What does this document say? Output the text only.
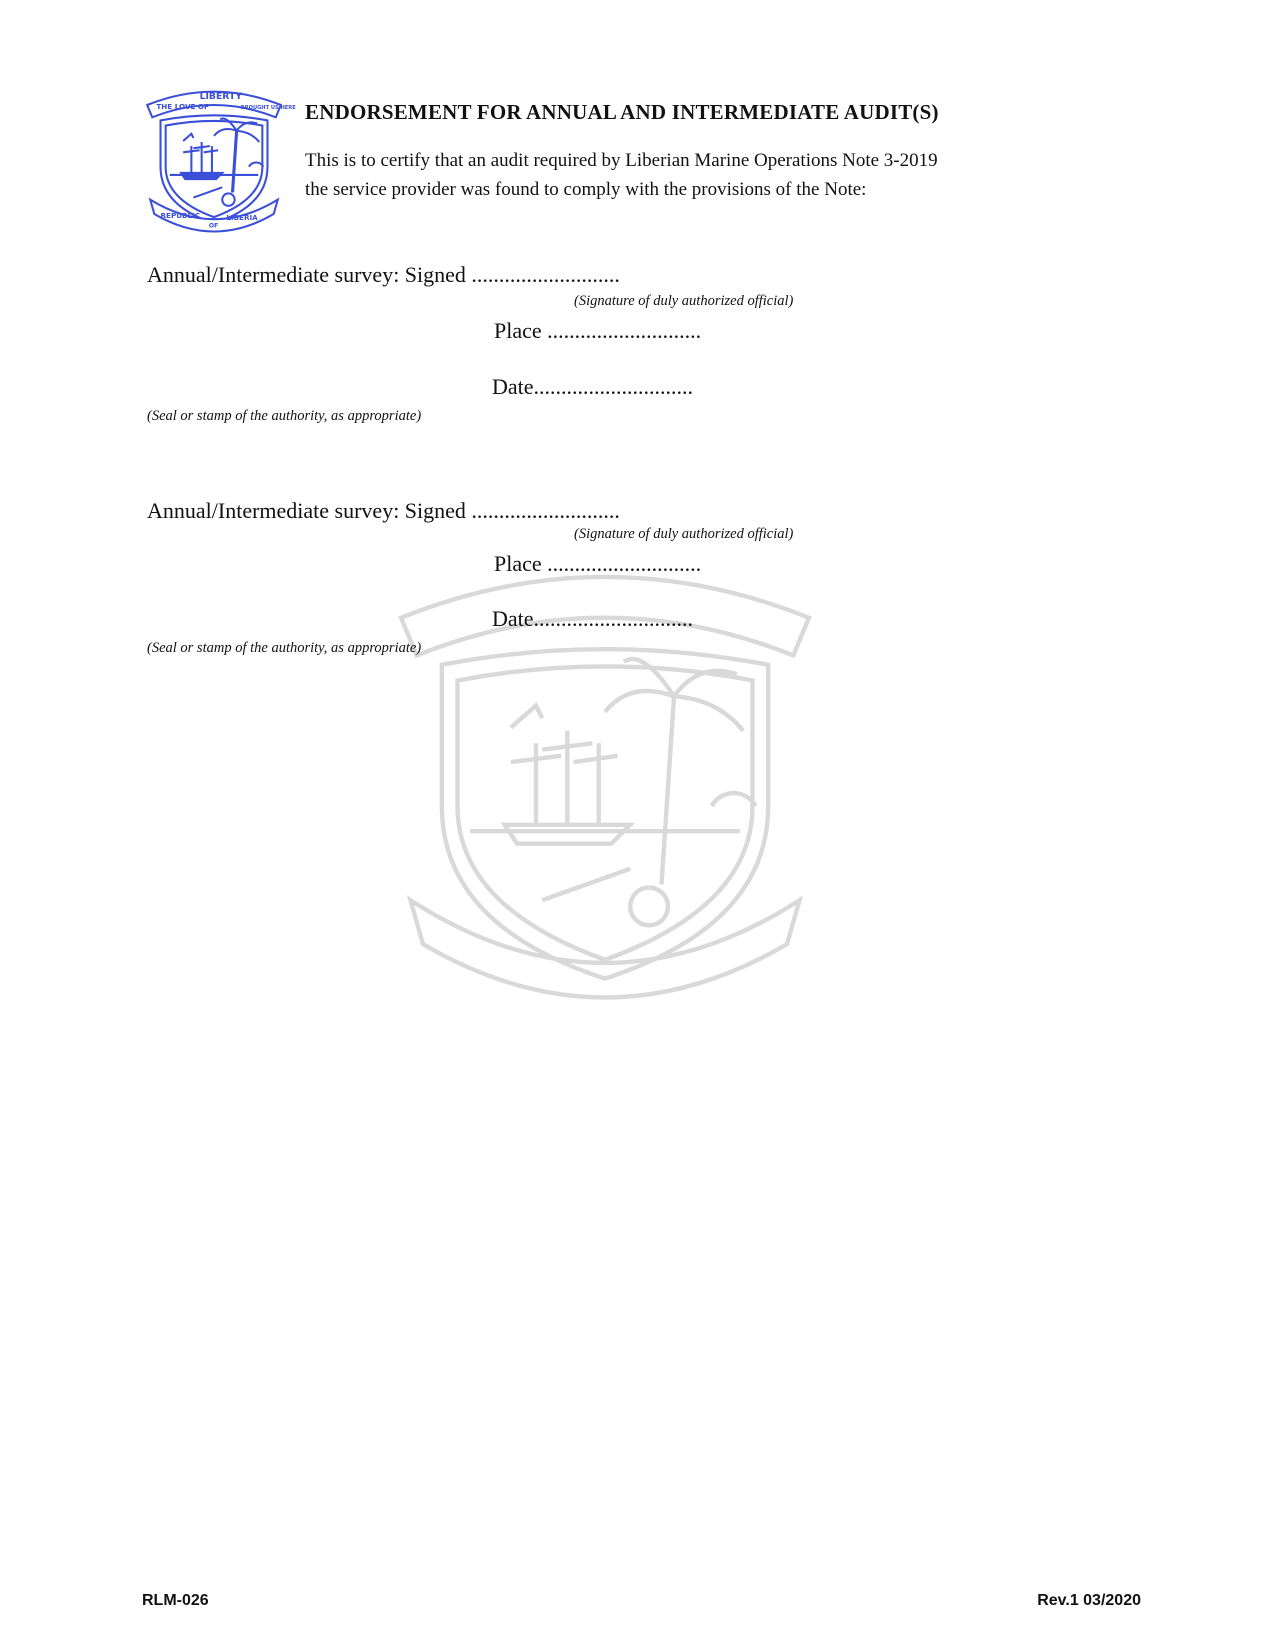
THE LOVE OF
LIBERTY
BROUGHT US HERE
REPUBLIC
OF
LIBERIA
ENDORSEMENT FOR ANNUAL AND INTERMEDIATE AUDIT(S)
This is to certify that an audit required by Liberian Marine Operations Note 3-2019
the service provider was found to comply with the provisions of the Note:
Annual/Intermediate survey: Signed ...........................
(Signature of duly authorized official)
Place ............................
Date.............................
(Seal or stamp of the authority, as appropriate)
Annual/Intermediate survey: Signed ...........................
(Signature of duly authorized official)
Place ............................
Date.............................
(Seal or stamp of the authority, as appropriate)
RLM-026	Rev.1 03/2020
